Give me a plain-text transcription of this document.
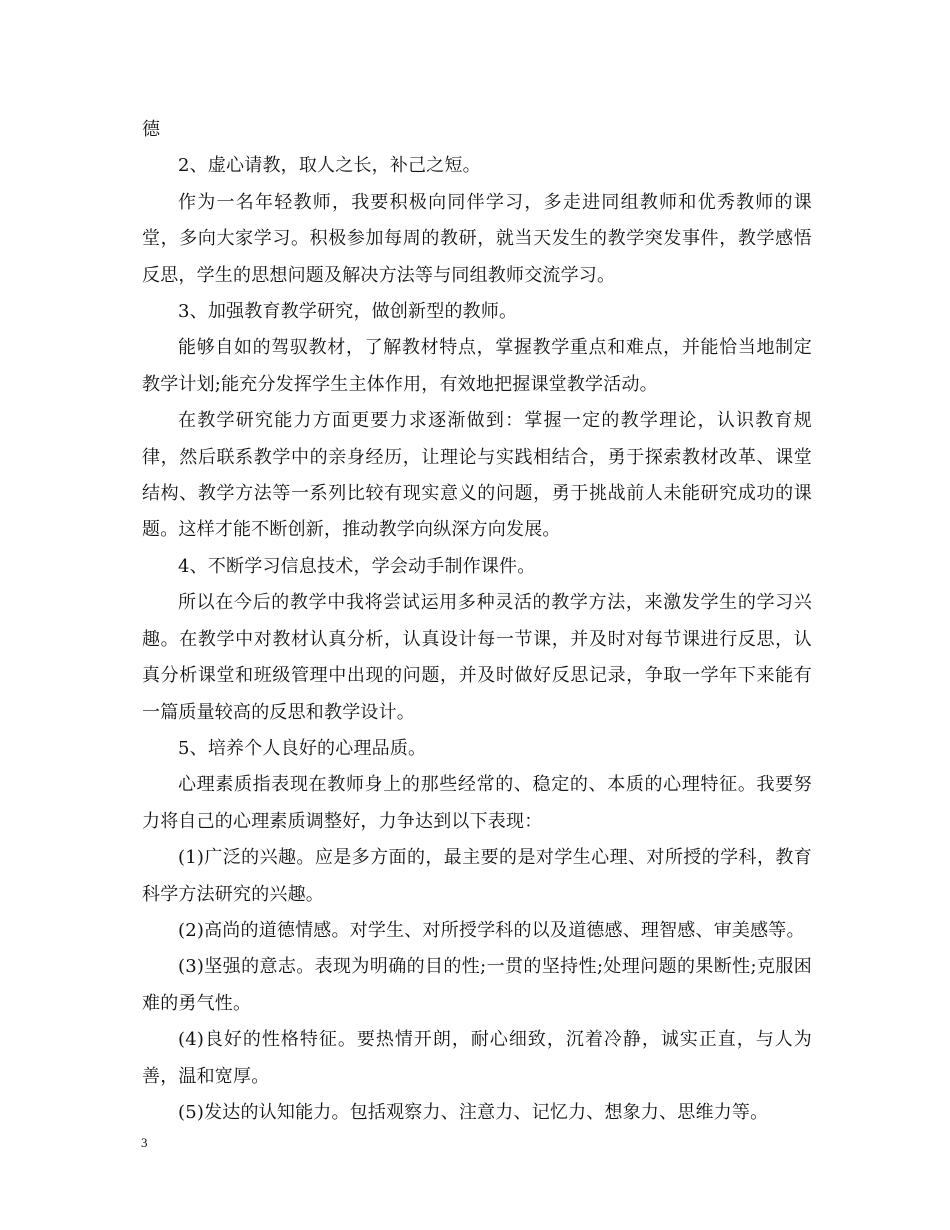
德

2、虚心请教，取人之长，补己之短。

作为一名年轻教师，我要积极向同伴学习，多走进同组教师和优秀教师的课堂，多向大家学习。积极参加每周的教研，就当天发生的教学突发事件，教学感悟反思，学生的思想问题及解决方法等与同组教师交流学习。

3、加强教育教学研究，做创新型的教师。

能够自如的驾驭教材，了解教材特点，掌握教学重点和难点，并能恰当地制定教学计划;能充分发挥学生主体作用，有效地把握课堂教学活动。

在教学研究能力方面更要力求逐渐做到：掌握一定的教学理论，认识教育规律，然后联系教学中的亲身经历，让理论与实践相结合，勇于探索教材改革、课堂结构、教学方法等一系列比较有现实意义的问题，勇于挑战前人未能研究成功的课题。这样才能不断创新，推动教学向纵深方向发展。

4、不断学习信息技术，学会动手制作课件。

所以在今后的教学中我将尝试运用多种灵活的教学方法，来激发学生的学习兴趣。在教学中对教材认真分析，认真设计每一节课，并及时对每节课进行反思，认真分析课堂和班级管理中出现的问题，并及时做好反思记录，争取一学年下来能有一篇质量较高的反思和教学设计。

5、培养个人良好的心理品质。

心理素质指表现在教师身上的那些经常的、稳定的、本质的心理特征。我要努力将自己的心理素质调整好，力争达到以下表现：

(1)广泛的兴趣。应是多方面的，最主要的是对学生心理、对所授的学科，教育科学方法研究的兴趣。

(2)高尚的道德情感。对学生、对所授学科的以及道德感、理智感、审美感等。

(3)坚强的意志。表现为明确的目的性;一贯的坚持性;处理问题的果断性;克服困难的勇气性。

(4)良好的性格特征。要热情开朗，耐心细致，沉着冷静，诚实正直，与人为善，温和宽厚。

(5)发达的认知能力。包括观察力、注意力、记忆力、想象力、思维力等。

3
